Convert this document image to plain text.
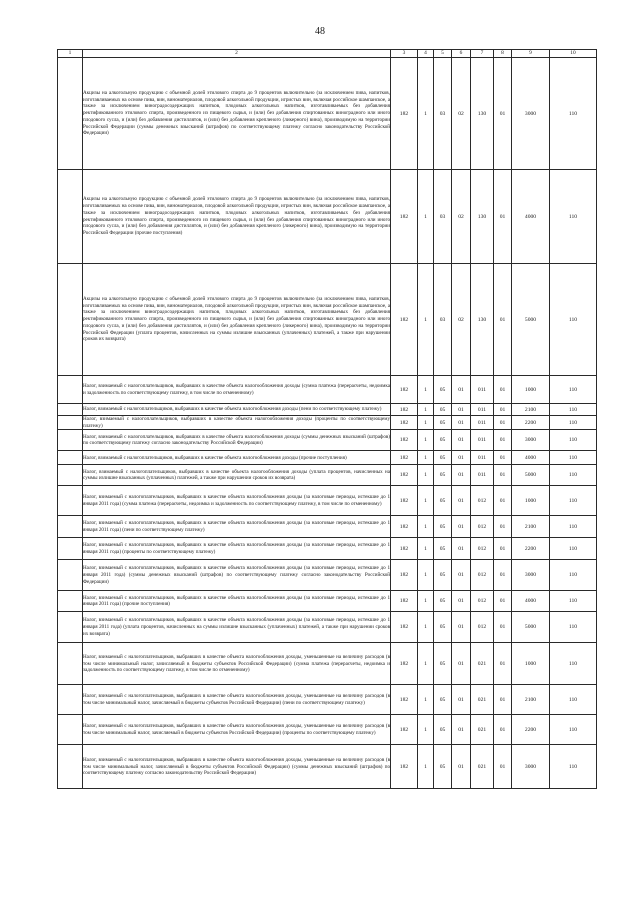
48
1	2	3	4	5	6	7	8	9	10
	Акцизы на алкогольную продукцию с объемной долей этилового спирта до 9 процентов включительно (за исключением пива, напитков, изготавливаемых на основе пива, вин, виноматериалов, плодовой алкогольной продукции, игристых вин, включая российское шампанское, а также за исключением виноградосодержащих напитков, плодовых алкогольных напитков, изготавливаемых без добавления ректификованного этилового спирта, произведенного из пищевого сырья, и (или) без добавления спиртованных виноградного или иного плодового сусла, и (или) без добавления дистиллятов, и (или) без добавления крепленого (ликерного) вина), производимую на территории Российской Федерации (суммы денежных взысканий (штрафов) по соответствующему платежу согласно законодательству Российской Федерации)	182	1	03	02	130	01	3000	110
	Акцизы на алкогольную продукцию с объемной долей этилового спирта до 9 процентов включительно (за исключением пива, напитков, изготавливаемых на основе пива, вин, виноматериалов, плодовой алкогольной продукции, игристых вин, включая российское шампанское, а также за исключением виноградосодержащих напитков, плодовых алкогольных напитков, изготавливаемых без добавления ректификованного этилового спирта, произведенного из пищевого сырья, и (или) без добавления спиртованных виноградного или иного плодового сусла, и (или) без добавления дистиллятов, и (или) без добавления крепленого (ликерного) вина), производимую на территории Российской Федерации (прочие поступления)	182	1	03	02	130	01	4000	110
	Акцизы на алкогольную продукцию с объемной долей этилового спирта до 9 процентов включительно (за исключением пива, напитков, изготавливаемых на основе пива, вин, виноматериалов, плодовой алкогольной продукции, игристых вин, включая российское шампанское, а также за исключением виноградосодержащих напитков, плодовых алкогольных напитков, изготавливаемых без добавления ректификованного этилового спирта, произведенного из пищевого сырья, и (или) без добавления спиртованных виноградного или иного плодового сусла, и (или) без добавления дистиллятов, и (или) без добавления крепленого (ликерного) вина), производимую на территории Российской Федерации (уплата процентов, начисленных на суммы излишне взысканных (уплаченных) платежей, а также при нарушении сроков их возврата)	182	1	03	02	130	01	5000	110
	Налог, взимаемый с налогоплательщиков, выбравших в качестве объекта налогообложения доходы (сумма платежа (перерасчеты, недоимка и задолженность по соответствующему платежу, в том числе по отмененному)	182	1	05	01	011	01	1000	110
	Налог, взимаемый с налогоплательщиков, выбравших в качестве объекта налогообложения доходы (пени по соответствующему платежу)	182	1	05	01	011	01	2100	110
	Налог, взимаемый с налогоплательщиков, выбравших в качестве объекта налогообложения доходы (проценты по соответствующему платежу)	182	1	05	01	011	01	2200	110
	Налог, взимаемый с налогоплательщиков, выбравших в качестве объекта налогообложения доходы (суммы денежных взысканий (штрафов) по соответствующему платежу согласно законодательству Российской Федерации)	182	1	05	01	011	01	3000	110
	Налог, взимаемый с налогоплательщиков, выбравших в качестве объекта налогообложения доходы (прочие поступления)	182	1	05	01	011	01	4000	110
	Налог, взимаемый с налогоплательщиков, выбравших в качестве объекта налогообложения доходы (уплата процентов, начисленных на суммы излишне взысканных (уплаченных) платежей, а также при нарушении сроков их возврата)	182	1	05	01	011	01	5000	110
	Налог, взимаемый с налогоплательщиков, выбравших в качестве объекта налогообложения доходы (за налоговые периоды, истекшие до 1 января 2011 года) (сумма платежа (перерасчеты, недоимка и задолженность по соответствующему платежу, в том числе по отмененному)	182	1	05	01	012	01	1000	110
	Налог, взимаемый с налогоплательщиков, выбравших в качестве объекта налогообложения доходы (за налоговые периоды, истекшие до 1 января 2011 года) (пени по соответствующему платежу)	182	1	05	01	012	01	2100	110
	Налог, взимаемый с налогоплательщиков, выбравших в качестве объекта налогообложения доходы (за налоговые периоды, истекшие до 1 января 2011 года) (проценты по соответствующему платежу)	182	1	05	01	012	01	2200	110
	Налог, взимаемый с налогоплательщиков, выбравших в качестве объекта налогообложения доходы (за налоговые периоды, истекшие до 1 января 2011 года) (суммы денежных взысканий (штрафов) по соответствующему платежу согласно законодательству Российской Федерации)	182	1	05	01	012	01	3000	110
	Налог, взимаемый с налогоплательщиков, выбравших в качестве объекта налогообложения доходы (за налоговые периоды, истекшие до 1 января 2011 года) (прочие поступления)	182	1	05	01	012	01	4000	110
	Налог, взимаемый с налогоплательщиков, выбравших в качестве объекта налогообложения доходы (за налоговые периоды, истекшие до 1 января 2011 года) (уплата процентов, начисленных на суммы излишне взысканных (уплаченных) платежей, а также при нарушении сроков их возврата)	182	1	05	01	012	01	5000	110
	Налог, взимаемый с налогоплательщиков, выбравших в качестве объекта налогообложения доходы, уменьшенные на величину расходов (в том числе минимальный налог, зачисляемый в бюджеты субъектов Российской Федерации) (сумма платежа (перерасчеты, недоимка и задолженность по соответствующему платежу, в том числе по отмененному)	182	1	05	01	021	01	1000	110
	Налог, взимаемый с налогоплательщиков, выбравших в качестве объекта налогообложения доходы, уменьшенные на величину расходов (в том числе минимальный налог, зачисляемый в бюджеты субъектов Российской Федерации) (пени по соответствующему платежу)	182	1	05	01	021	01	2100	110
	Налог, взимаемый с налогоплательщиков, выбравших в качестве объекта налогообложения доходы, уменьшенные на величину расходов (в том числе минимальный налог, зачисляемый в бюджеты субъектов Российской Федерации) (проценты по соответствующему платежу)	182	1	05	01	021	01	2200	110
	Налог, взимаемый с налогоплательщиков, выбравших в качестве объекта налогообложения доходы, уменьшенные на величину расходов (в том числе минимальный налог, зачисляемый в бюджеты субъектов Российской Федерации) (суммы денежных взысканий (штрафов) по соответствующему платежу согласно законодательству Российской Федерации)	182	1	05	01	021	01	3000	110
